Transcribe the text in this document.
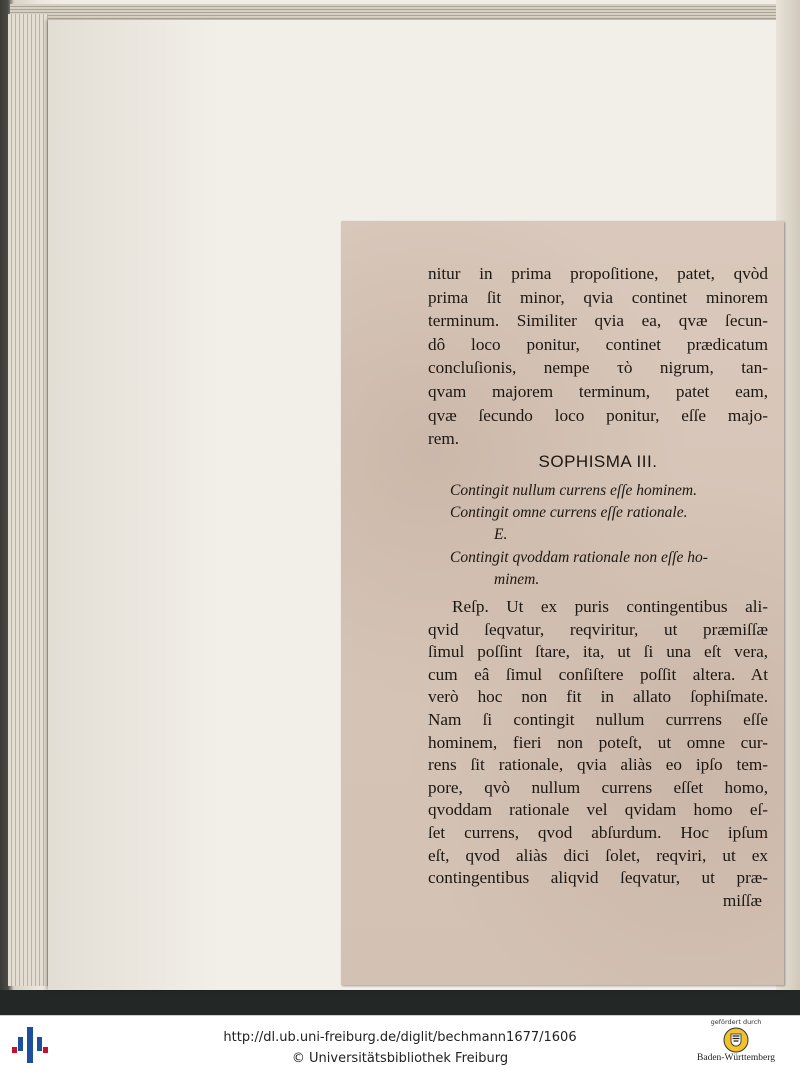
nitur in prima propoſitione, patet, qvòd
prima ſit minor, qvia continet minorem
terminum. Similiter qvia ea, qvæ ſecun-
dô loco ponitur, continet prædicatum
concluſionis, nempe τὸ nigrum, tan-
qvam majorem terminum, patet eam,
qvæ ſecundo loco ponitur, eſſe majo-
rem.
SOPHISMA III.
Contingit nullum currens eſſe hominem.
Contingit omne currens eſſe rationale.
E.
Contingit qvoddam rationale non eſſe ho-
minem.
Reſp. Ut ex puris contingentibus ali-
qvid ſeqvatur, reqviritur, ut præmiſſæ
ſimul poſſint ſtare, ita, ut ſi una eſt vera,
cum eâ ſimul conſiſtere poſſit altera. At
verò hoc non fit in allato ſophiſmate.
Nam ſi contingit nullum currrens eſſe
hominem, fieri non poteſt, ut omne cur-
rens ſit rationale, qvia aliàs eo ipſo tem-
pore, qvò nullum currens eſſet homo,
qvoddam rationale vel qvidam homo eſ-
ſet currens, qvod abſurdum. Hoc ipſum
eſt, qvod aliàs dici ſolet, reqviri, ut ex
contingentibus aliqvid ſeqvatur, ut præ-
miſſæ
http://dl.ub.uni-freiburg.de/diglit/bechmann1677/1606
© Universitätsbibliothek Freiburg
gefördert durch
Baden-Württemberg
